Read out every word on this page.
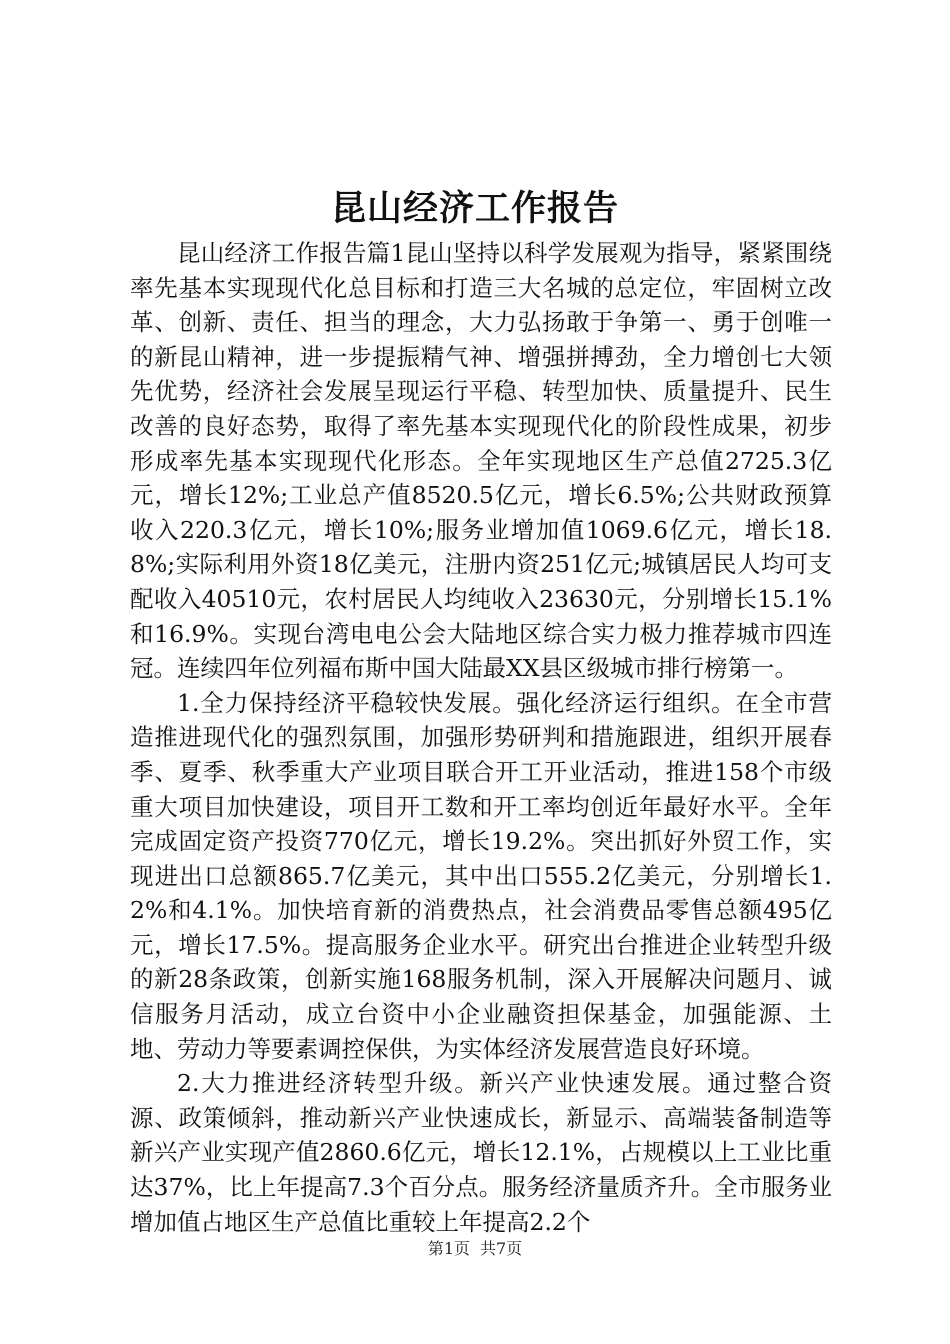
昆山经济工作报告

昆山经济工作报告篇1昆山坚持以科学发展观为指导，紧紧围绕率先基本实现现代化总目标和打造三大名城的总定位，牢固树立改革、创新、责任、担当的理念，大力弘扬敢于争第一、勇于创唯一的新昆山精神，进一步提振精气神、增强拼搏劲，全力增创七大领先优势，经济社会发展呈现运行平稳、转型加快、质量提升、民生改善的良好态势，取得了率先基本实现现代化的阶段性成果，初步形成率先基本实现现代化形态。全年实现地区生产总值2725.3亿元，增长12%;工业总产值8520.5亿元，增长6.5%;公共财政预算收入220.3亿元，增长10%;服务业增加值1069.6亿元，增长18.8%;实际利用外资18亿美元，注册内资251亿元;城镇居民人均可支配收入40510元，农村居民人均纯收入23630元，分别增长15.1%和16.9%。实现台湾电电公会大陆地区综合实力极力推荐城市四连冠。连续四年位列福布斯中国大陆最XX县区级城市排行榜第一。

1.全力保持经济平稳较快发展。强化经济运行组织。在全市营造推进现代化的强烈氛围，加强形势研判和措施跟进，组织开展春季、夏季、秋季重大产业项目联合开工开业活动，推进158个市级重大项目加快建设，项目开工数和开工率均创近年最好水平。全年完成固定资产投资770亿元，增长19.2%。突出抓好外贸工作，实现进出口总额865.7亿美元，其中出口555.2亿美元，分别增长1.2%和4.1%。加快培育新的消费热点，社会消费品零售总额495亿元，增长17.5%。提高服务企业水平。研究出台推进企业转型升级的新28条政策，创新实施168服务机制，深入开展解决问题月、诚信服务月活动，成立台资中小企业融资担保基金，加强能源、土地、劳动力等要素调控保供，为实体经济发展营造良好环境。

2.大力推进经济转型升级。新兴产业快速发展。通过整合资源、政策倾斜，推动新兴产业快速成长，新显示、高端装备制造等新兴产业实现产值2860.6亿元，增长12.1%，占规模以上工业比重达37%，比上年提高7.3个百分点。服务经济量质齐升。全市服务业增加值占地区生产总值比重较上年提高2.2个

第1页 共7页
